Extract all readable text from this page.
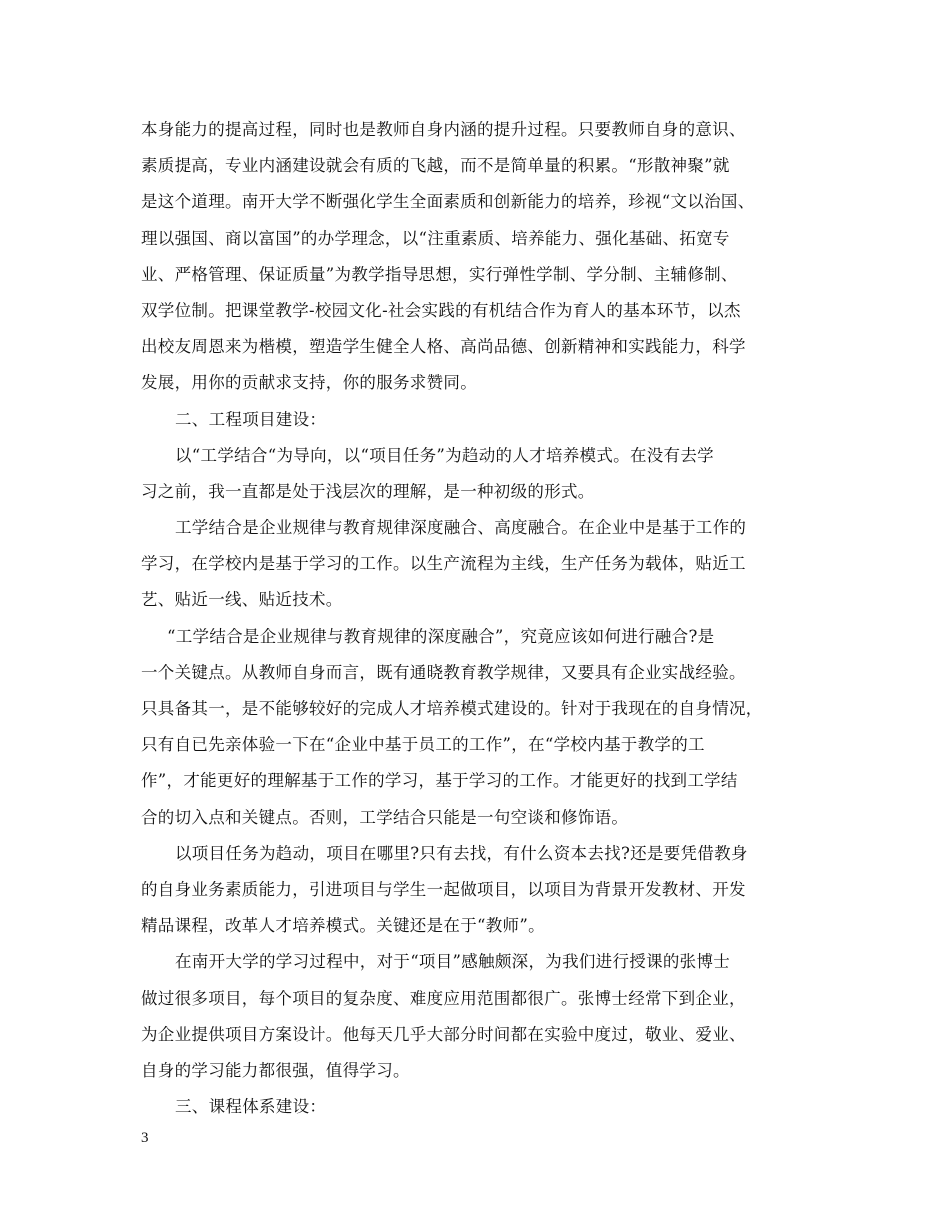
本身能力的提高过程，同时也是教师自身内涵的提升过程。只要教师自身的意识、
素质提高，专业内涵建设就会有质的飞越，而不是简单量的积累。“形散神聚”就
是这个道理。南开大学不断强化学生全面素质和创新能力的培养，珍视“文以治国、
理以强国、商以富国”的办学理念，以“注重素质、培养能力、强化基础、拓宽专
业、严格管理、保证质量”为教学指导思想，实行弹性学制、学分制、主辅修制、
双学位制。把课堂教学-校园文化-社会实践的有机结合作为育人的基本环节，以杰
出校友周恩来为楷模，塑造学生健全人格、高尚品德、创新精神和实践能力，科学
发展，用你的贡献求支持，你的服务求赞同。
二、工程项目建设：
以“工学结合“为导向，以“项目任务”为趋动的人才培养模式。在没有去学
习之前，我一直都是处于浅层次的理解，是一种初级的形式。
工学结合是企业规律与教育规律深度融合、高度融合。在企业中是基于工作的
学习，在学校内是基于学习的工作。以生产流程为主线，生产任务为载体，贴近工
艺、贴近一线、贴近技术。
“工学结合是企业规律与教育规律的深度融合”，究竟应该如何进行融合?是
一个关键点。从教师自身而言，既有通晓教育教学规律，又要具有企业实战经验。
只具备其一，是不能够较好的完成人才培养模式建设的。针对于我现在的自身情况，
只有自已先亲体验一下在“企业中基于员工的工作”，在“学校内基于教学的工
作”，才能更好的理解基于工作的学习，基于学习的工作。才能更好的找到工学结
合的切入点和关键点。否则，工学结合只能是一句空谈和修饰语。
以项目任务为趋动，项目在哪里?只有去找，有什么资本去找?还是要凭借教身
的自身业务素质能力，引进项目与学生一起做项目，以项目为背景开发教材、开发
精品课程，改革人才培养模式。关键还是在于“教师”。
在南开大学的学习过程中，对于“项目”感触颇深，为我们进行授课的张博士
做过很多项目，每个项目的复杂度、难度应用范围都很广。张博士经常下到企业，
为企业提供项目方案设计。他每天几乎大部分时间都在实验中度过，敬业、爱业、
自身的学习能力都很强，值得学习。
三、课程体系建设：
3
